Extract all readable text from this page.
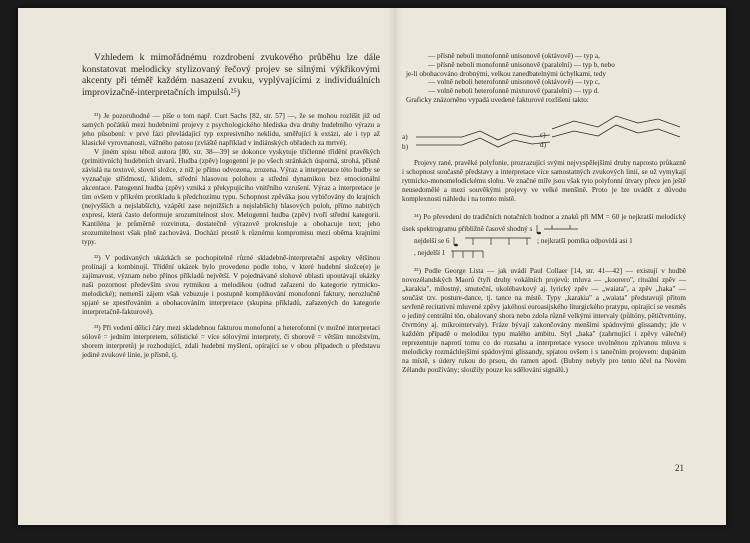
Vzhledem k mimořádnému rozdrobení zvukového průběhu lze dále konstatovat melodicky stylizovaný řečový projev se silnými výkřikovými akcenty při téměř každém nasazení zvuku, vyplývajícími z individuálních improvizačně-interpretačních impulsů.²⁵)

²¹) Je pozoruhodné — píše o tom např. Curt Sachs [82, str. 57] —, že se mohou rozlišit již od samých počátků mezi hudebními projevy z psychologického hlediska dva druhy hudebního výrazu a jeho působení: v prvé fázi převládající typ expresivního neklidu, směřující k extázi, ale i typ až klasické vyrovnanosti, vážného patosu (zvláště například v indiánských obřadech za mrtvé).

V jiném spisu téhož autora [80, str. 38—39] se dokonce vyskytuje třičlenné třídění pravěkých (primitivních) hudebních útvarů. Hudba (zpěv) logogenní je po všech stránkách úsporná, strohá, přísně závislá na textové, slovní složce, z níž je přímo odvozena, zrozena. Výraz a interpretace této hudby se vyznačuje střídmostí, klidem, střední hlasovou polohou a střední dynamikou bez emocionální akcentace. Patogenní hudba (zpěv) vzniká z překypujícího vnitřního vzrušení. Výraz a interpretace je tím ovšem v příkrém protikladu k předchozímu typu. Schopnost zpěváka jsou vybičovány do krajních (nejvyšších a nejslabších), vzápětí zase nejnižších a nejslabších) hlasových poloh, přímo nabitých expresí, která často deformuje srozumitelnost slov. Melogenní hudba (zpěv) tvoří střední kategorii. Kantiléna je průměrně rozvinuta, dostatečně výrazově prokresluje a obohacuje text; jeho srozumitelnost však plně zachovává. Dochází prostě k různému kompromisu mezi oběma krajními typy.

²²) V podávaných ukázkách se pochopitelně různé skladebně-interpretační aspekty většinou prolínají a kombinují. Třídění ukázek bylo provedeno podle toho, v které hudební složce(e) je zajímavost, význam nebo přínos příkladů největší. V pojednávané slohové oblasti upoutávají ukázky naši pozornost především svou rytmikou a melodikou (odtud zařazení do kategorie rytmicko-melodické); nemenší zájem však vzbuzuje i postupně komplikování monofonní faktury, nerozlučně spjaté se zpestřováním a obohacováním interpretace (skupina příkladů, zařazených do kategorie interpretačně-fakturové).

²³) Při vedení dělicí čáry mezi skladebnou fakturou monofonní a heterofonní (v možné interpretaci sólově = jedním interpretem, sólistické = více sólovými interprety, či sborově = větším množstvím, sborem interpretů) je rozhodující, zdali hudební myšlení, opírající se v obou případech o představu jediné zvukové linie, je přísně, tj.

— přísně neboli monofonně unisonově (oktávově) — typ a,
— přísně neboli monofonně unisonově (paralelní) — typ b, nebo
je-li obohacováno drobnými, velkou zanedbatelnými úchylkami, tedy
— volně neboli heterofonně unisonově (oktávově) — typ c,
— volně neboli heterofonně mixturově (paralelní) — typ d.
Graficky znázorněno vypadá uvedené fakturové rozlišení takto:
a)
b)
c)
d)

Projevy rané, pravěké polyfonie, prozrazující svými nejvyspělejšími druhy naprosto průkazně i schopnost současně představy a interpretace více samostatných zvukových linií, se už vymykají rytmicko-monomelodickému slohu. Ve značné míře jsou však tyto polyfonní útvary přece jen ještě neusedomělé a mezi souvěkými projevy ve velké menšině. Proto je lze uvádět z důvodu komplexnosti náhledu i na tomto místě.

²⁴) Po převedení do tradičních notačních hodnot a znaků při MM = 60 je nejkratší melodický úsek spektrogramu přibližně časově shodný s

nejdelší se 6	; nejkratší pomlka odpovídá asi 1

, nejdelší 1

²⁵) Podle George Lista — jak uvádí Paul Collaer [14, str. 41—42] — existují v hudbě novozélandských Maorů čtyři druhy vokálních projevů: mluva — „koorero", rituální zpěv — „karakia", milostný, smuteční, ukolébavkový aj. lyrický zpěv — „waiata", a zpěv „haka" — součást tzv. posture-dance, tj. tance na místě. Typy „karakia" a „waiata" představují přitom sevřeně recitativní mluvené zpěvy jakéhosi euroasijského liturgického pratypu, opírající se vesměs o jediný centrální tón, obalovaný shora nebo zdola různě velkými intervaly (půltóny, pětičtvrttóny, čtvrttóny aj. mikrointervaly). Fráze bývají zakončovány menšími spádovými glissandy; jde v každém případě o melodiku typu malého ambitu. Styl „haka" (zahrnující i zpěvy válečné) reprezentuje naproti tomu co do rozsahu a interpretace vysoce uvolněnou zpívanou mluvu s melodicky rozmáchlejšími spádovými glissandy, spjatou ovšem i s tanečním projevem: dupáním na místě, s údery rukou do prsou, do ramen apod. (Bubny nebyly pro tento účel na Novém Zélandu používány; sloužily pouze ku sdělování signálů.)

21
